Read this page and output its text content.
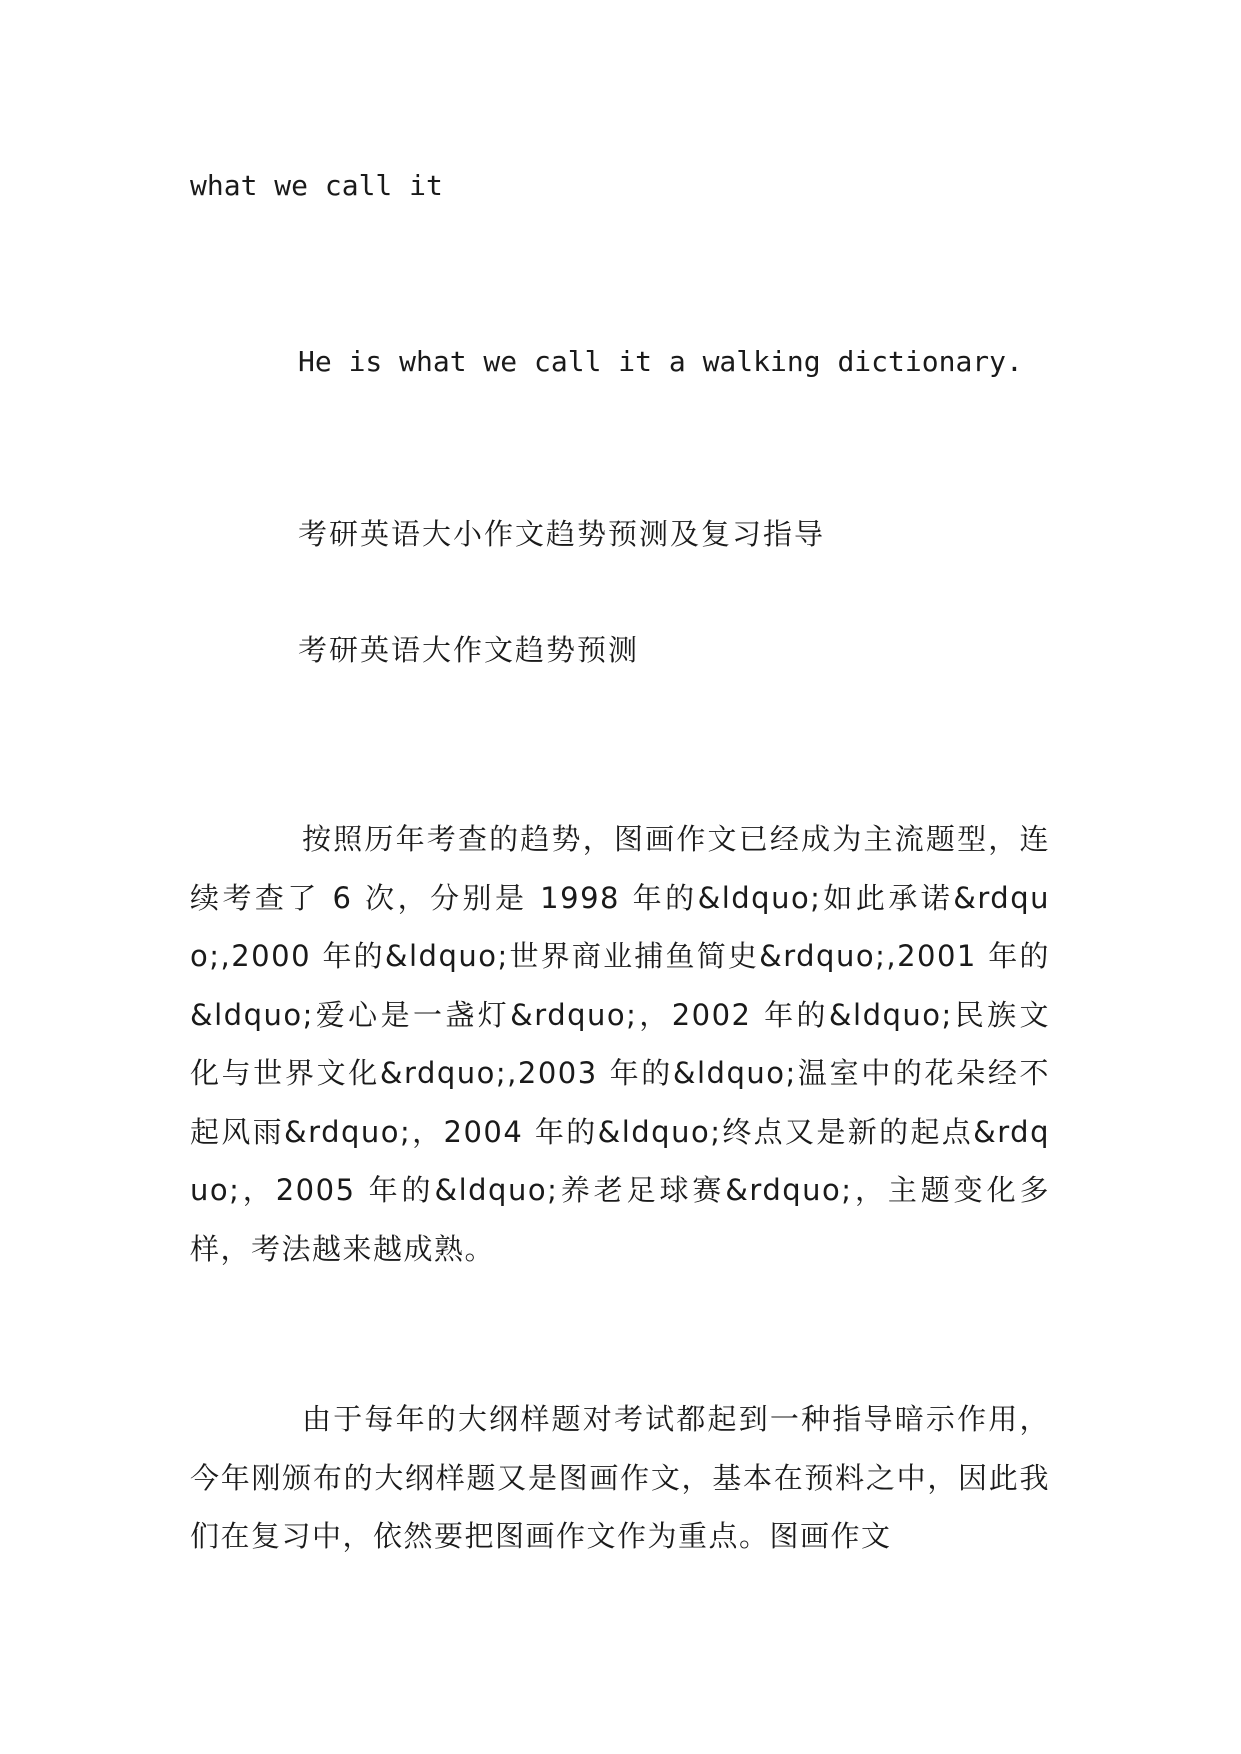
what we call it
He is what we call it a walking dictionary.
考研英语大小作文趋势预测及复习指导
考研英语大作文趋势预测
按照历年考查的趋势，图画作文已经成为主流题型，连续考查了 6 次，分别是 1998 年的&ldquo;如此承诺&rdquo;,2000 年的&ldquo;世界商业捕鱼简史&rdquo;,2001 年的&ldquo;爱心是一盏灯&rdquo;，2002 年的&ldquo;民族文化与世界文化&rdquo;,2003 年的&ldquo;温室中的花朵经不起风雨&rdquo;，2004 年的&ldquo;终点又是新的起点&rdquo;，2005 年的&ldquo;养老足球赛&rdquo;，主题变化多样，考法越来越成熟。
由于每年的大纲样题对考试都起到一种指导暗示作用，今年刚颁布的大纲样题又是图画作文，基本在预料之中，因此我们在复习中，依然要把图画作文作为重点。图画作文
